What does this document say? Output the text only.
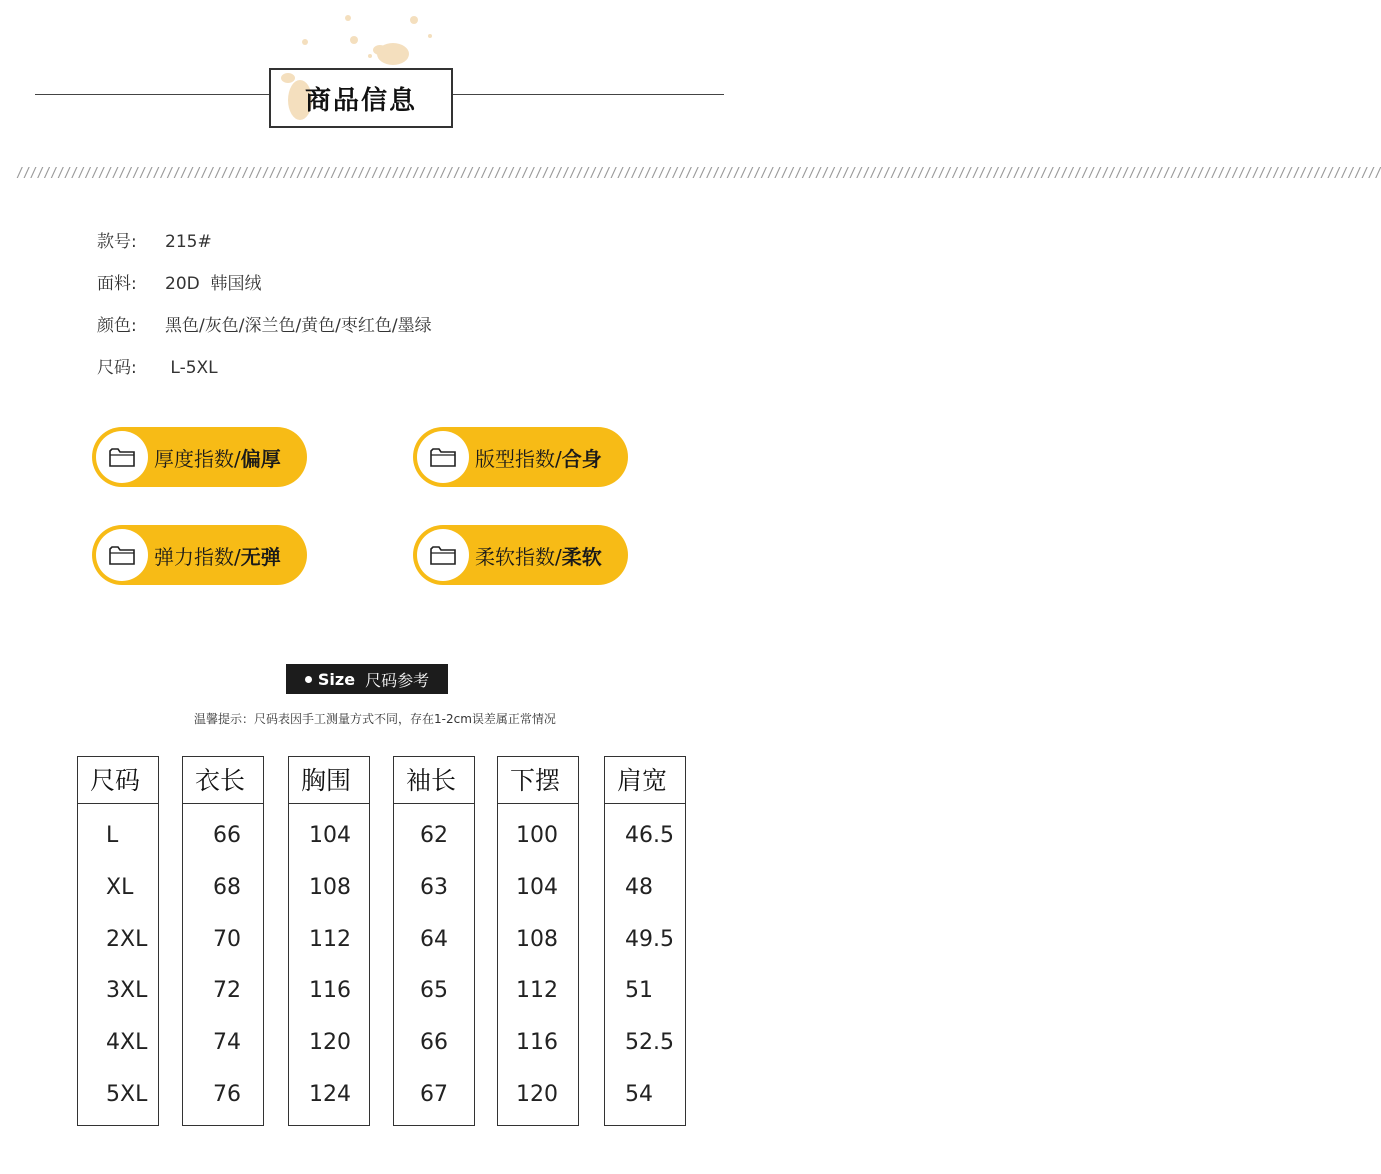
商品信息
////////////////////////////////////////////////////////////////////////////////////////////////////////////////////////////////////////////////////////////////////////////////////////////////////////
款号: 215#
面料: 20D  韩国绒
颜色: 黑色/灰色/深兰色/黄色/枣红色/墨绿
尺码: L-5XL
厚度指数/偏厚	版型指数/合身
弹力指数/无弹	柔软指数/柔软
Size 尺码参考
温馨提示：尺码表因手工测量方式不同，存在1-2cm误差属正常情况
尺码
L
XL
2XL
3XL
4XL
5XL
衣长
66
68
70
72
74
76
胸围
104
108
112
116
120
124
袖长
62
63
64
65
66
67
下摆
100
104
108
112
116
120
肩宽
46.5
48
49.5
51
52.5
54
